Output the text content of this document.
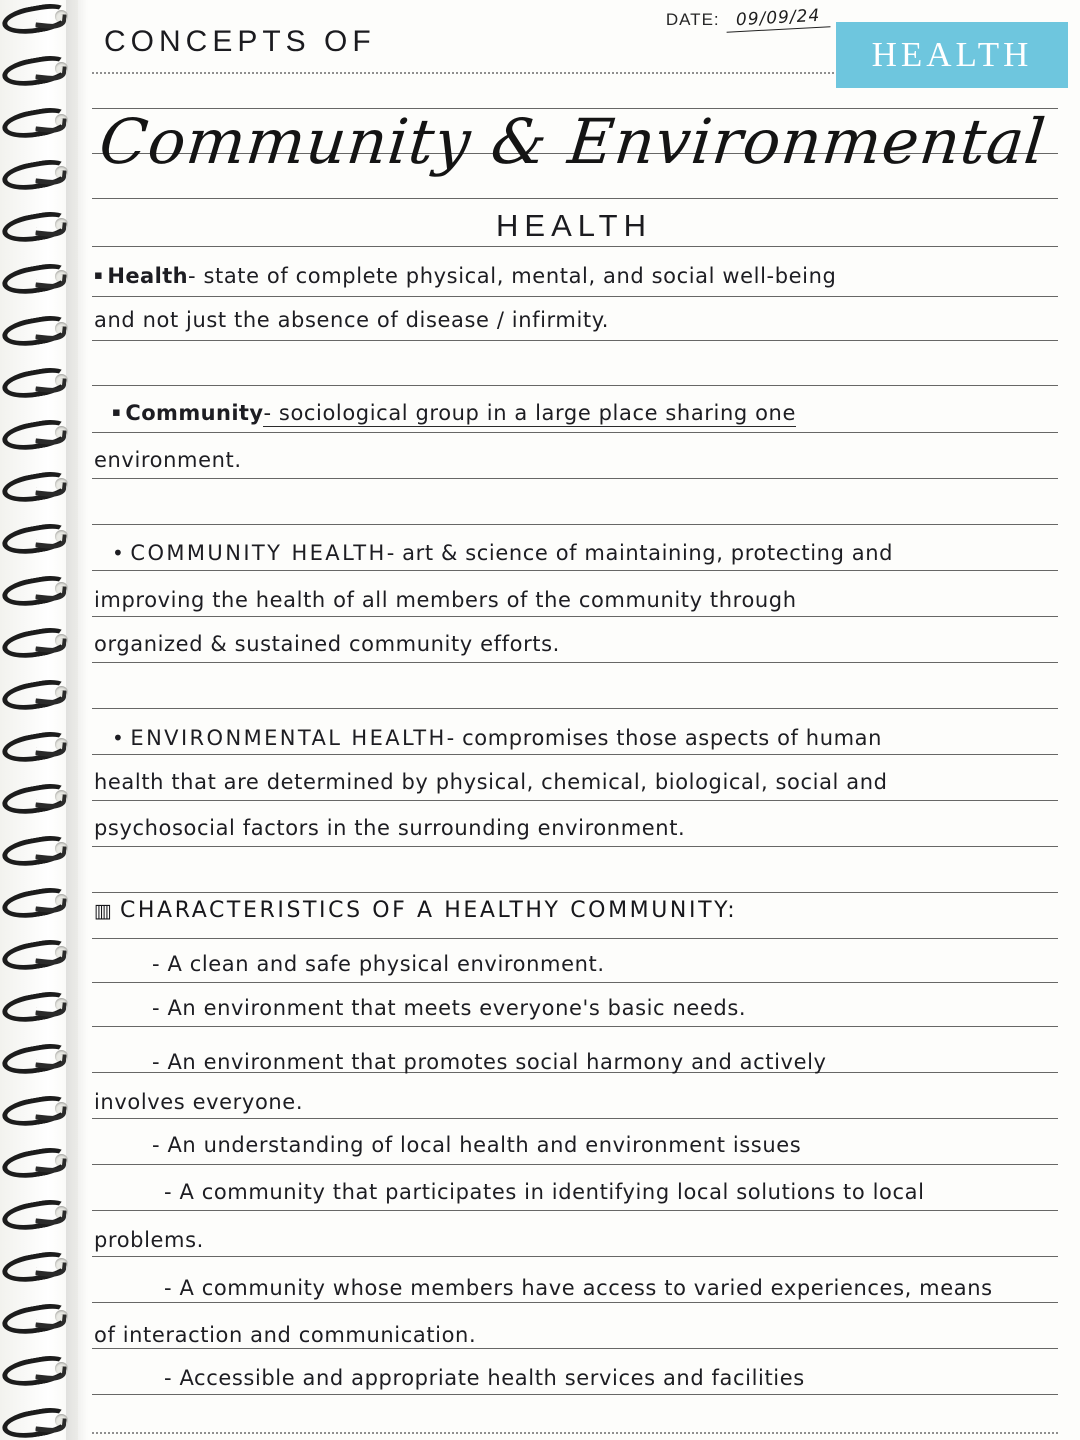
DATE: 09/09/24
HEALTH
CONCEPTS OF
Community & Environmental
HEALTH
▪ Health- state of complete physical, mental, and social well-being
and not just the absence of disease / infirmity.
▪ Community- sociological group in a large place sharing one
environment.
• COMMUNITY HEALTH- art & science of maintaining, protecting and
improving the health of all members of the community through
organized & sustained community efforts.
• ENVIRONMENTAL HEALTH- compromises those aspects of human
health that are determined by physical, chemical, biological, social and
psychosocial factors in the surrounding environment.
▥ CHARACTERISTICS OF A HEALTHY COMMUNITY:
- A clean and safe physical environment.
- An environment that meets everyone's basic needs.
- An environment that promotes social harmony and actively
involves everyone.
- An understanding of local health and environment issues
- A community that participates in identifying local solutions to local
problems.
- A community whose members have access to varied experiences, means
of interaction and communication.
- Accessible and appropriate health services and facilities
